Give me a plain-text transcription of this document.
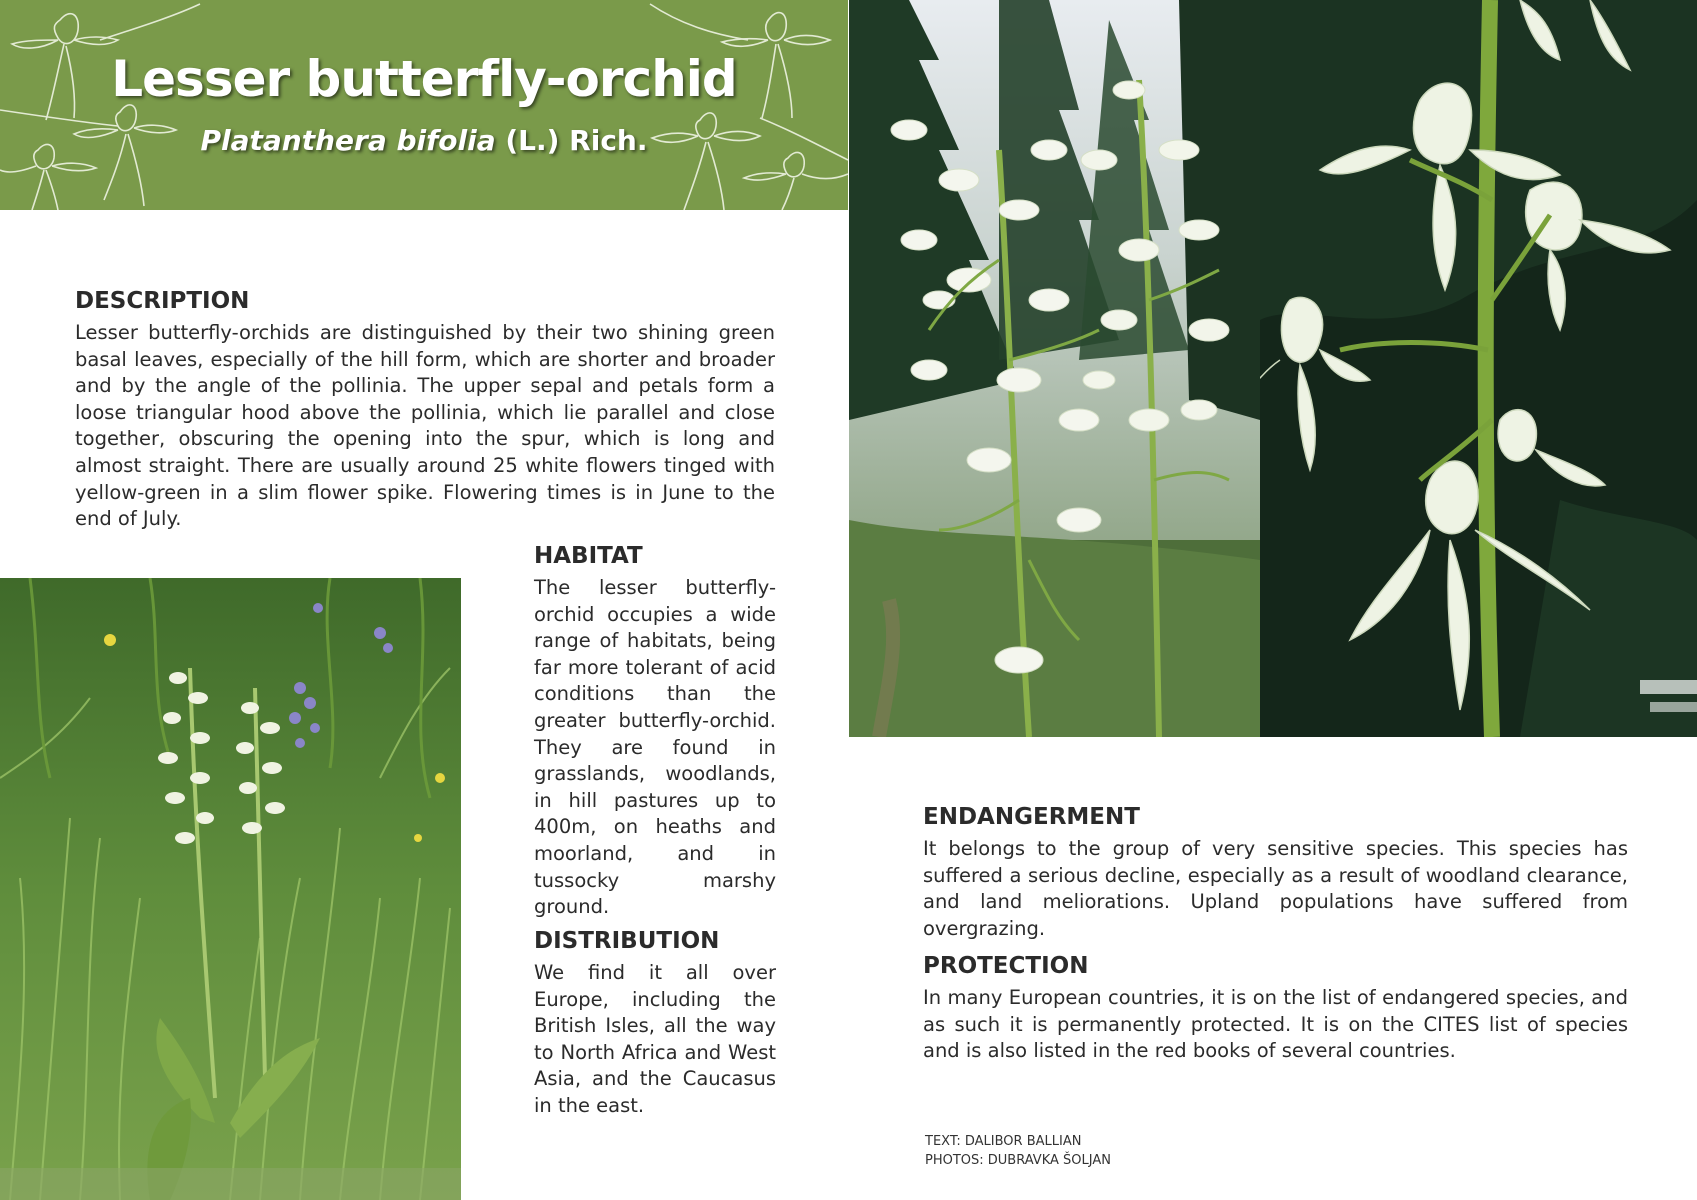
Lesser butterfly-orchid
Platanthera bifolia (L.) Rich.
DESCRIPTION

Lesser butterfly-orchids are distinguished by their two shining green basal leaves, especially of the hill form, which are shorter and broader and by the angle of the pollinia. The upper sepal and petals form a loose triangular hood above the pollinia, which lie parallel and close together, obscuring the opening into the spur, which is long and almost straight. There are usually around 25 white flowers tinged with yellow-green in a slim flower spike. Flowering times is in June to the end of July.

HABITAT

The lesser butterfly-orchid occupies a wide range of habitats, being far more tolerant of acid conditions than the greater butterfly-orchid. They are found in grasslands, woodlands, in hill pastures up to 400m, on heaths and moorland, and in tussocky marshy ground.

DISTRIBUTION

We find it all over Europe, including the British Isles, all the way to North Africa and West Asia, and the Caucasus in the east.

ENDANGERMENT

It belongs to the group of very sensitive species. This species has suffered a serious decline, especially as a result of woodland clearance, and land meliorations. Upland populations have suffered from overgrazing.

PROTECTION

In many European countries, it is on the list of endangered species, and as such it is permanently protected. It is on the CITES list of species and is also listed in the red books of several countries.

TEXT: DALIBOR BALLIAN
PHOTOS: DUBRAVKA ŠOLJAN
